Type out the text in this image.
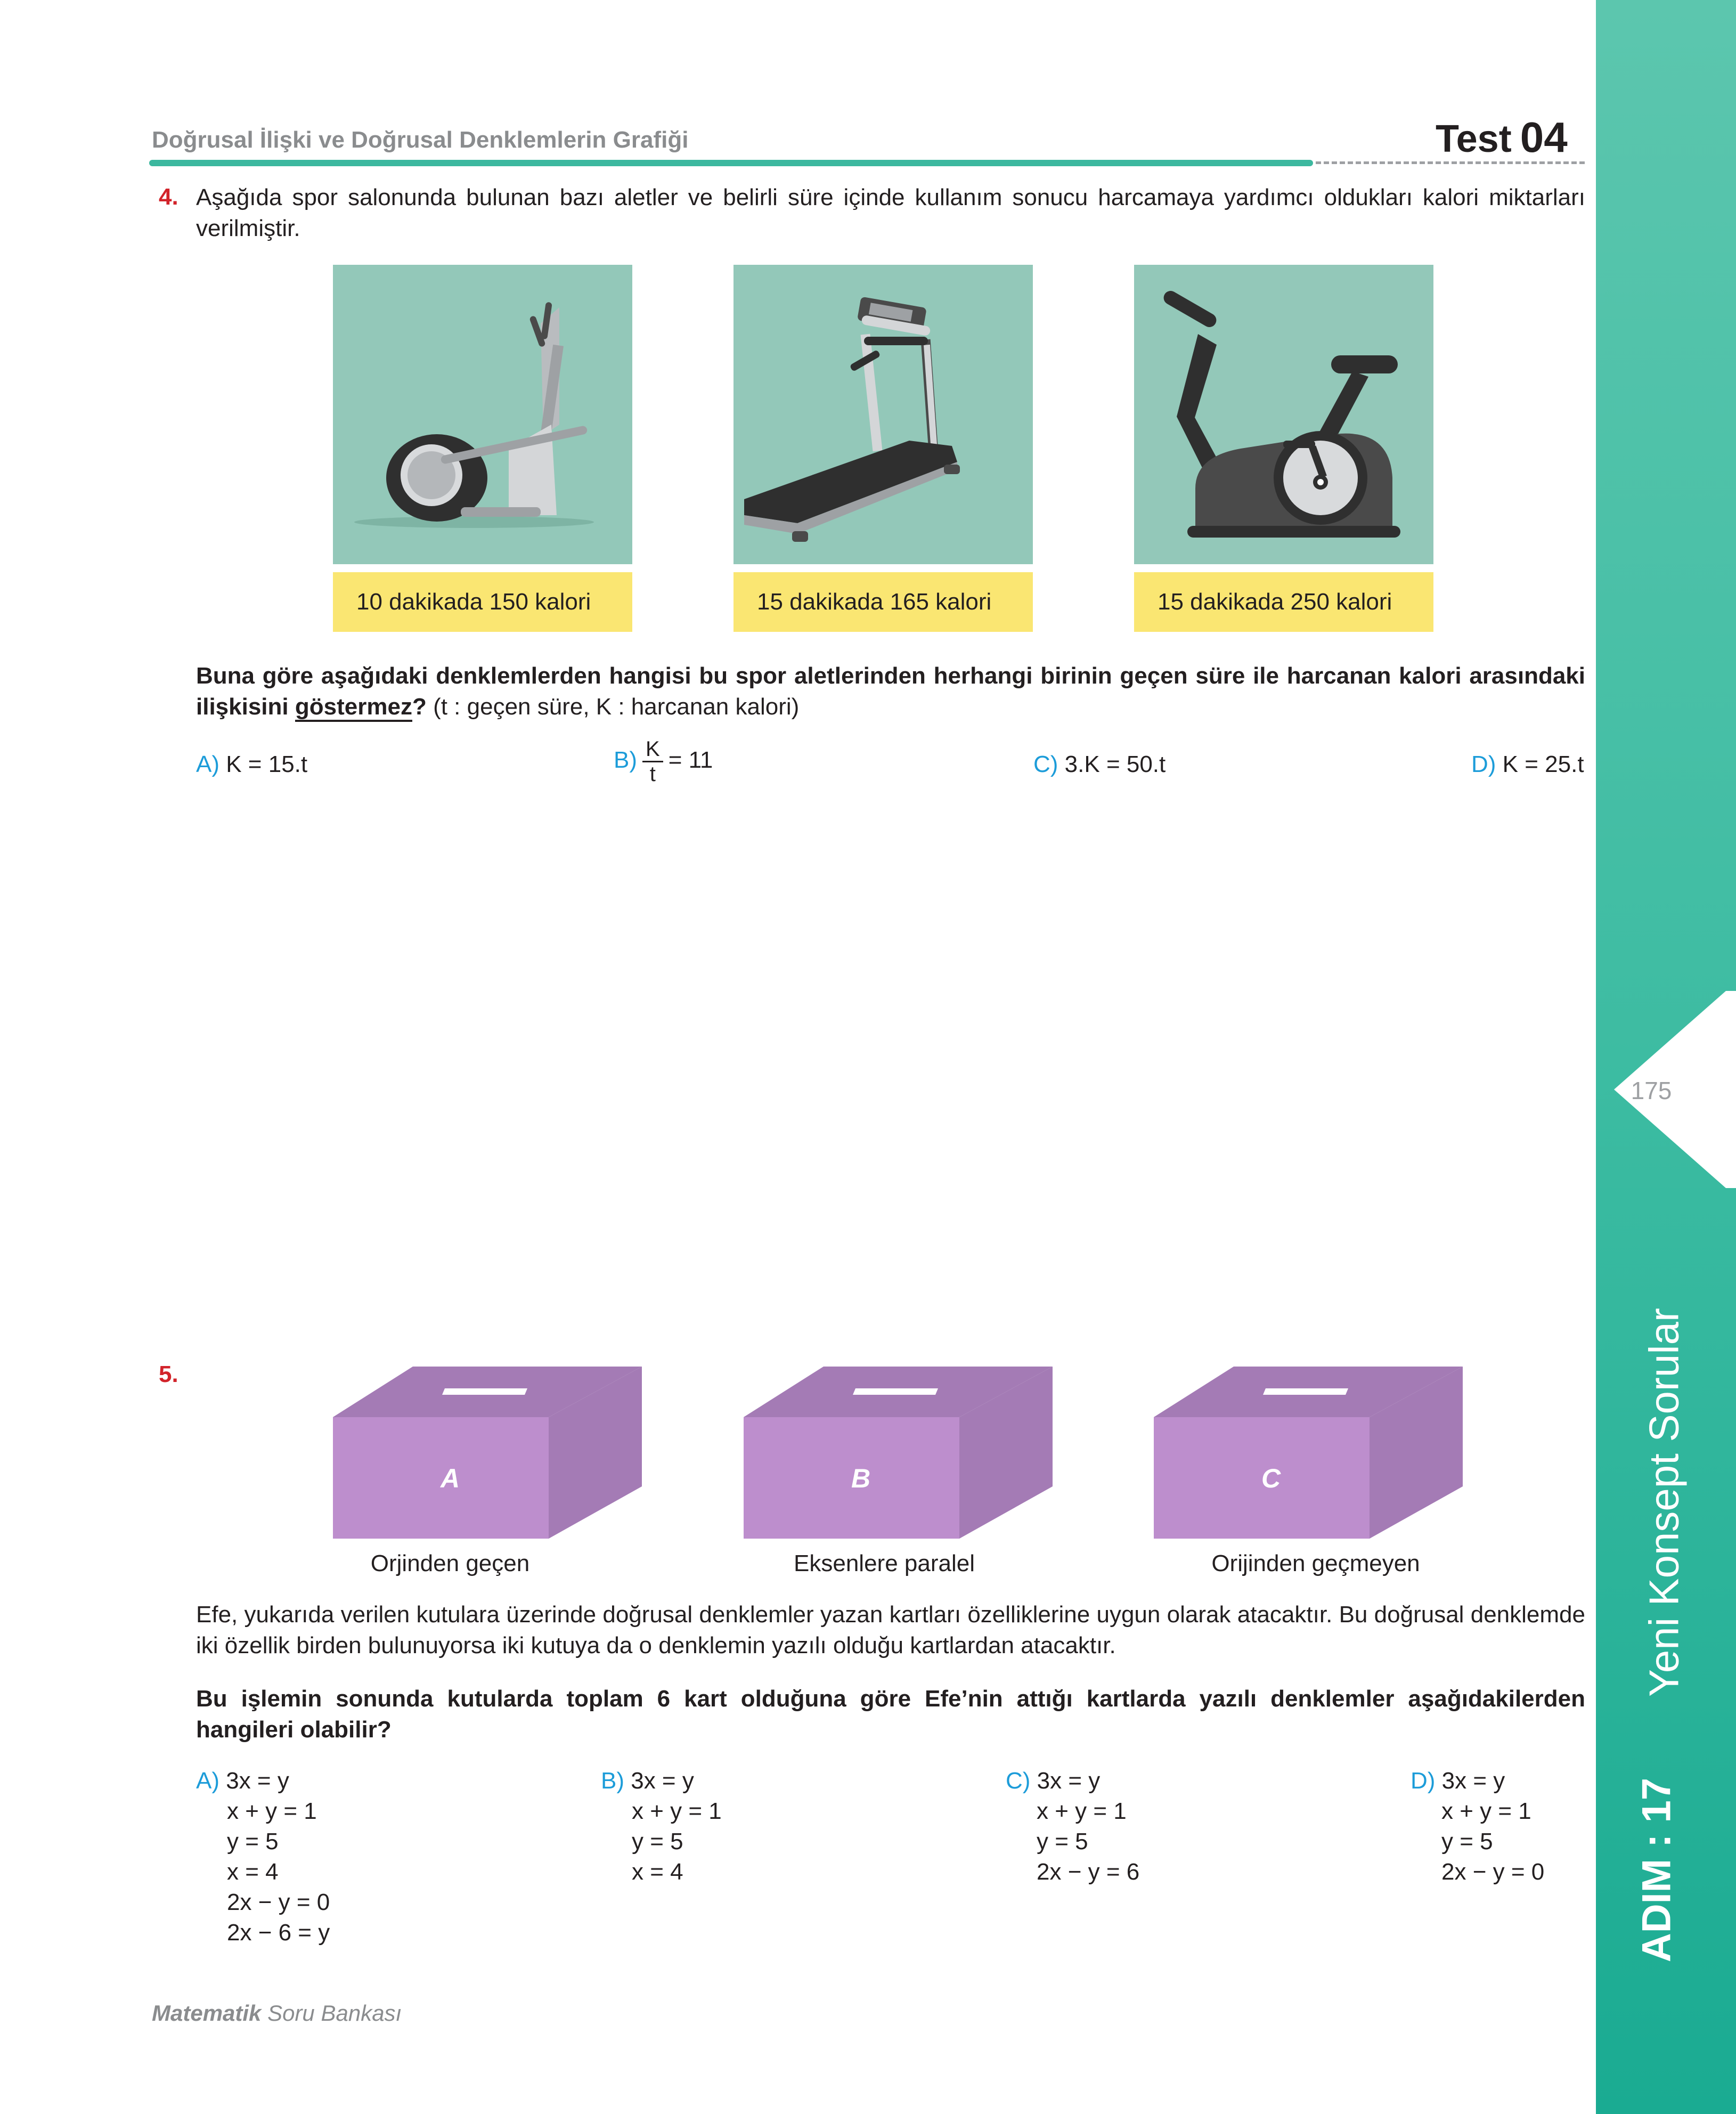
Doğrusal İlişki ve Doğrusal Denklemlerin Grafiği	Test 04
175
Yeni Konsept Sorular
ADIM : 17
4. Aşağıda spor salonunda bulunan bazı aletler ve belirli süre içinde kullanım sonucu harcamaya yardımcı oldukları kalori miktarları verilmiştir.
10 dakikada 150 kalori	15 dakikada 165 kalori	15 dakikada 250 kalori
Buna göre aşağıdaki denklemlerden hangisi bu spor aletlerinden herhangi birinin geçen süre ile harcanan kalori arasındaki ilişkisini göstermez? (t : geçen süre, K : harcanan kalori)
A) K = 15.t	$B) \frac{K}{t} = 11$	C) 3.K = 50.t	D) K = 25.t
5.
A
Orjinden geçen
B
Eksenlere paralel
C
Orijinden geçmeyen
Efe, yukarıda verilen kutulara üzerinde doğrusal denklemler yazan kartları özelliklerine uygun olarak atacaktır. Bu doğrusal denklemde iki özellik birden bulunuyorsa iki kutuya da o denklemin yazılı olduğu kartlardan atacaktır.
Bu işlemin sonunda kutularda toplam 6 kart olduğuna göre Efe’nin attığı kartlarda yazılı denklemler aşağıdakilerden hangileri olabilir?
A) 3x = y
x + y = 1
y = 5
x = 4
2x − y = 0
2x − 6 = y
B) 3x = y
x + y = 1
y = 5
x = 4
C) 3x = y
x + y = 1
y = 5
2x − y = 6
D) 3x = y
x + y = 1
y = 5
2x − y = 0
Matematik Soru Bankası
